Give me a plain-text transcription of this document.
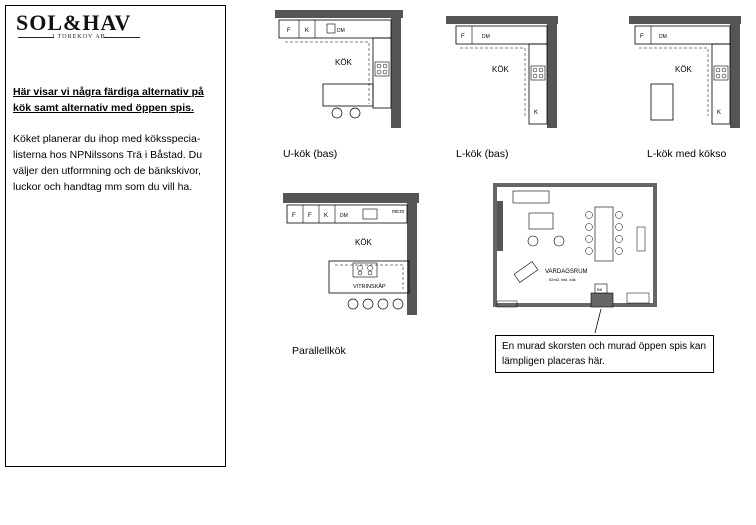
SOL&HAV
I TOREKOV AB
Här visar vi några färdiga alternativ på kök samt alternativ med öppen spis.
Köket planerar du ihop med köksspecia-
listerna hos NPNilssons Trä i Båstad. Du
väljer den utformning och de bänkskivor,
luckor och handtag mm som du vill ha.
F K	DM
KÖK
U-kök (bas)
F	DM
K
KÖK
L-kök (bas)
F	DM
K
KÖK
L-kök med kökso
F F K DM
micro
KÖK
VITRINSKÅP
Parallellkök
VARDAGSRUM
52m2, inkl. kök
BK
En murad skorsten och murad öppen spis kan lämpligen placeras här.
